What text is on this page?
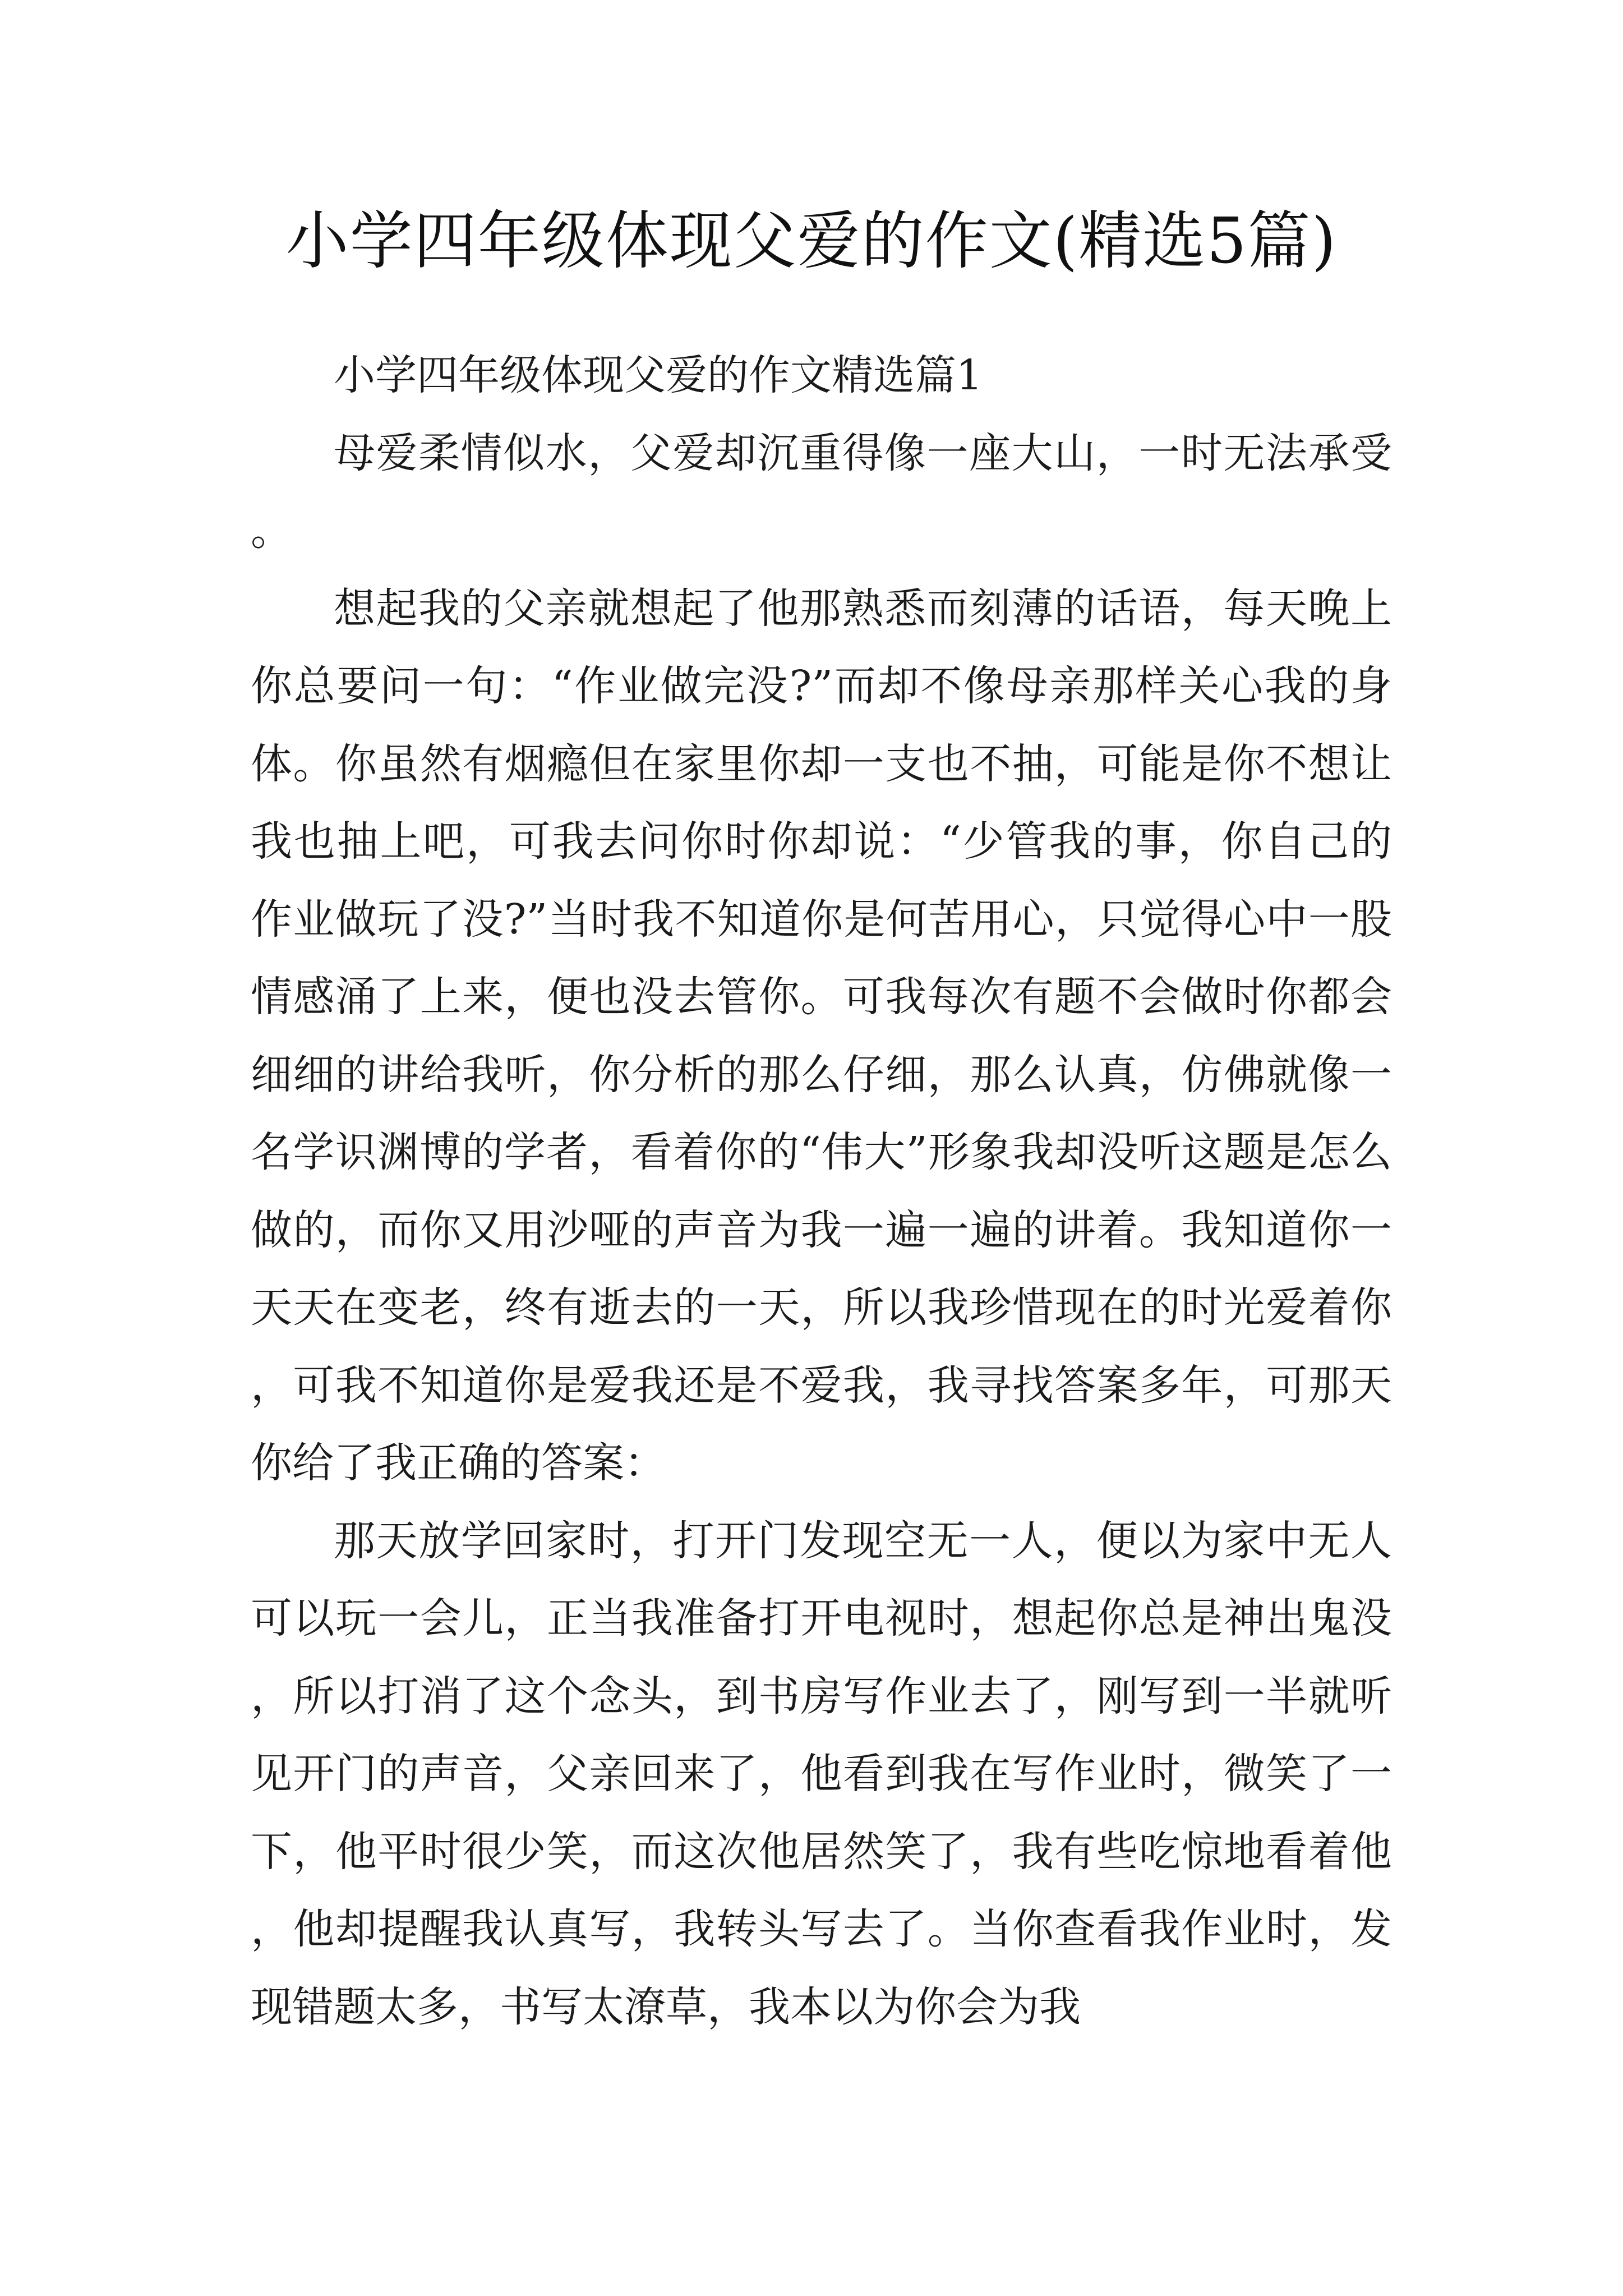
小学四年级体现父爱的作文(精选5篇)

小学四年级体现父爱的作文精选篇1

母爱柔情似水，父爱却沉重得像一座大山，一时无法承受。

想起我的父亲就想起了他那熟悉而刻薄的话语，每天晚上你总要问一句：“作业做完没?”而却不像母亲那样关心我的身体。你虽然有烟瘾但在家里你却一支也不抽，可能是你不想让我也抽上吧，可我去问你时你却说：“少管我的事，你自己的作业做玩了没?”当时我不知道你是何苦用心，只觉得心中一股情感涌了上来，便也没去管你。可我每次有题不会做时你都会细细的讲给我听，你分析的那么仔细，那么认真，仿佛就像一名学识渊博的学者，看着你的“伟大”形象我却没听这题是怎么做的，而你又用沙哑的声音为我一遍一遍的讲着。我知道你一天天在变老，终有逝去的一天，所以我珍惜现在的时光爱着你，可我不知道你是爱我还是不爱我，我寻找答案多年，可那天你给了我正确的答案：

那天放学回家时，打开门发现空无一人，便以为家中无人可以玩一会儿，正当我准备打开电视时，想起你总是神出鬼没，所以打消了这个念头，到书房写作业去了，刚写到一半就听见开门的声音，父亲回来了，他看到我在写作业时，微笑了一下，他平时很少笑，而这次他居然笑了，我有些吃惊地看着他，他却提醒我认真写，我转头写去了。当你查看我作业时，发现错题太多，书写太潦草，我本以为你会为我
